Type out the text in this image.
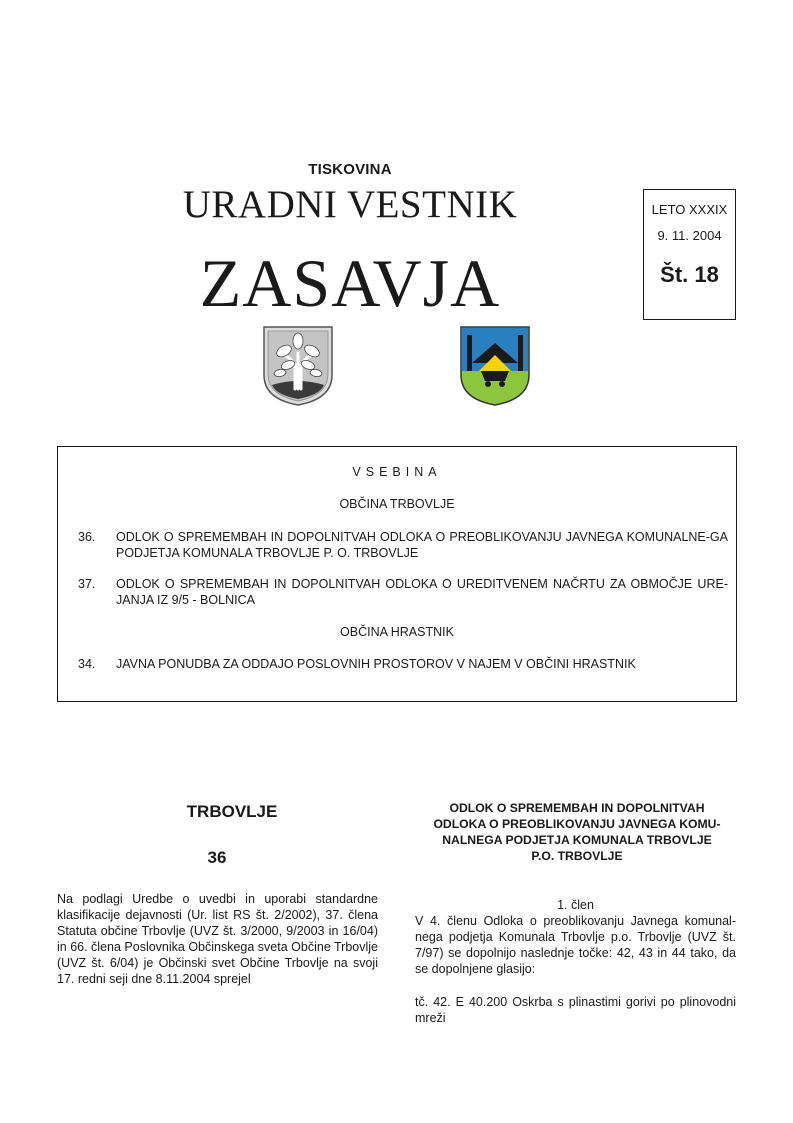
TISKOVINA
URADNI VESTNIK
ZASAVJA
LETO XXXIX
9. 11. 2004
Št. 18
VSEBINA
OBČINA TRBOVLJE
36.	ODLOK O SPREMEMBAH IN DOPOLNITVAH ODLOKA O PREOBLIKOVANJU JAVNEGA KOMUNALNE-GA PODJETJA KOMUNALA TRBOVLJE P. O. TRBOVLJE
37.	ODLOK O SPREMEMBAH IN DOPOLNITVAH ODLOKA O UREDITVENEM NAČRTU ZA OBMOČJE URE-JANJA IZ 9/5 - BOLNICA
OBČINA HRASTNIK
34.	JAVNA PONUDBA ZA ODDAJO POSLOVNIH PROSTOROV V NAJEM V OBČINI HRASTNIK
TRBOVLJE
36
Na podlagi Uredbe o uvedbi in uporabi standardne klasifikacije dejavnosti (Ur. list RS št. 2/2002), 37. člena Statuta občine Trbovlje (UVZ št. 3/2000, 9/2003 in 16/04) in 66. člena Poslovnika Občinskega sveta Občine Trbovlje (UVZ št. 6/04) je Občinski svet Občine Trbovlje na svoji 17. redni seji dne 8.11.2004 sprejel
ODLOK O SPREMEMBAH IN DOPOLNITVAH
ODLOKA O PREOBLIKOVANJU JAVNEGA KOMU-
NALNEGA PODJETJA KOMUNALA TRBOVLJE
P.O. TRBOVLJE
1. člen
V 4. členu Odloka o preoblikovanju Javnega komunal-nega podjetja Komunala Trbovlje p.o. Trbovlje (UVZ št. 7/97) se dopolnijo naslednje točke: 42, 43 in 44 tako, da se dopolnjene glasijo:
tč. 42. E 40.200 Oskrba s plinastimi gorivi po plinovodni mreži
